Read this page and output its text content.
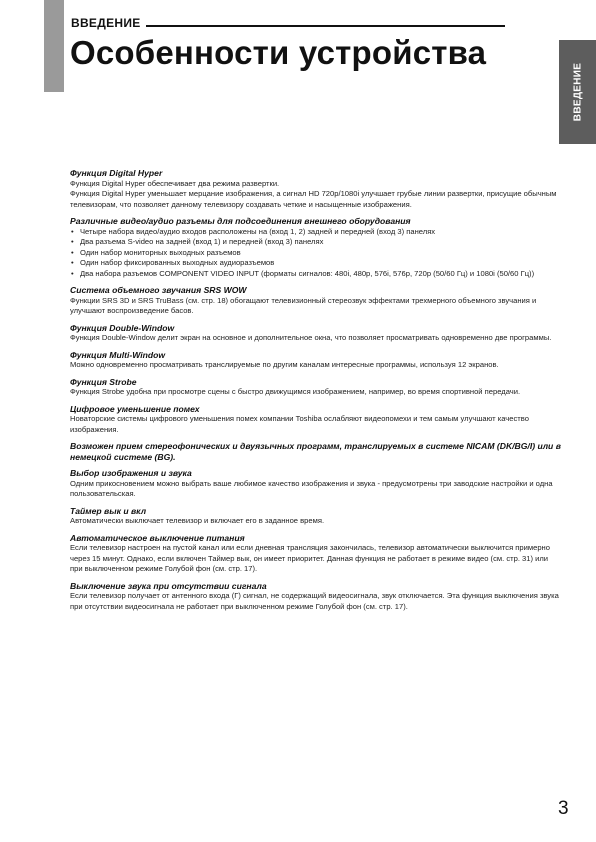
ВВЕДЕНИЕ
Особенности устройства
ВВЕДЕНИЕ
Функция Digital Hyper
Функция Digital Hyper обеспечивает два режима развертки.
Функция Digital Hyper уменьшает мерцание изображения, а сигнал HD 720p/1080i улучшает грубые линии развертки, присущие обычным телевизорам, что позволяет данному телевизору создавать четкие и насыщенные изображения.
Различные видео/аудио разъемы для подсоединения внешнего оборудования
• Четыре набора видео/аудио входов расположены на (вход 1, 2) задней и передней (вход 3) панелях
• Два разъема S-video на задней (вход 1) и передней (вход 3) панелях
• Один набор мониторных выходных разъемов
• Один набор фиксированных выходных аудиоразъемов
• Два набора разъемов COMPONENT VIDEO INPUT (форматы сигналов: 480i, 480p, 576i, 576p, 720p (50/60 Гц) и 1080i (50/60 Гц))
Система объемного звучания SRS WOW
Функции SRS 3D и SRS TruBass (см. стр. 18) обогащают телевизионный стереозвук эффектами трехмерного объемного звучания и улучшают воспроизведение басов.
Функция Double-Window
Функция Double-Window делит экран на основное и дополнительное окна, что позволяет просматривать одновременно две программы.
Функция Multi-Window
Можно одновременно просматривать транслируемые по другим каналам интересные программы, используя 12 экранов.
Функция Strobe
Функция Strobe удобна при просмотре сцены с быстро движущимся изображением, например, во время спортивной передачи.
Цифровое уменьшение помех
Новаторские системы цифрового уменьшения помех компании Toshiba ослабляют видеопомехи и тем самым улучшают качество изображения.
Возможен прием стереофонических и двуязычных программ, транслируемых в системе NICAM (DK/BG/I) или в немецкой системе (BG).
Выбор изображения и звука
Одним прикосновением можно выбрать ваше любимое качество изображения и звука - предусмотрены три заводские настройки и одна пользовательская.
Таймер вык и вкл
Автоматически выключает телевизор и включает его в заданное время.
Автоматическое выключение питания
Если телевизор настроен на пустой канал или если дневная трансляция закончилась, телевизор автоматически выключится примерно через 15 минут. Однако, если включен Таймер вык, он имеет приоритет. Данная функция не работает в режиме видео (см. стр. 31) или при выключенном режиме Голубой фон (см. стр. 17).
Выключение звука при отсутствии сигнала
Если телевизор получает от антенного входа (Г) сигнал, не содержащий видеосигнала, звук отключается. Эта функция выключения звука при отсутствии видеосигнала не работает при выключенном режиме Голубой фон (см. стр. 17).
3
